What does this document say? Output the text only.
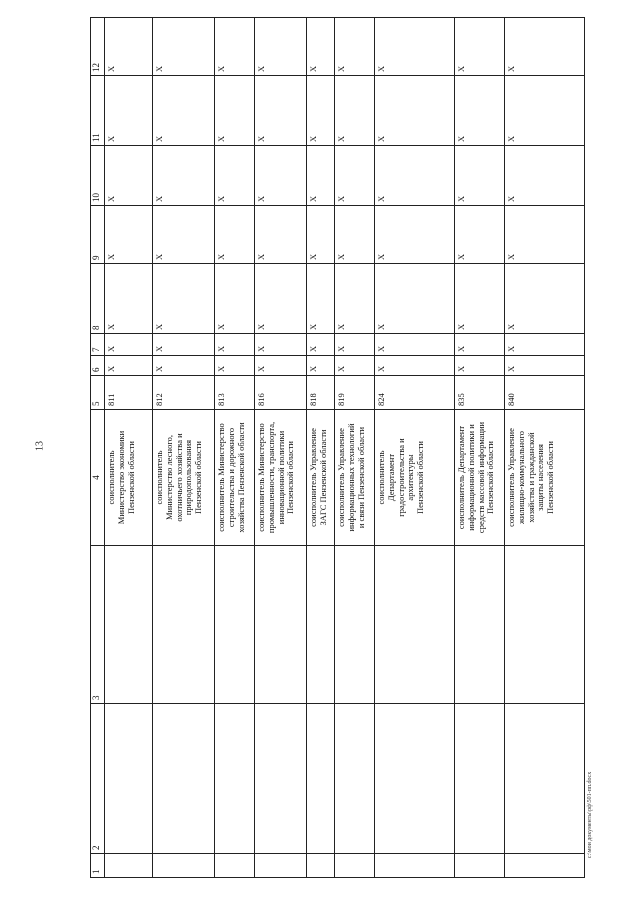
13
1	2	3	4	5	6	7	8	9	10	11	12
			соисполнитель
Министерство экономики
Пензенской области	811	X	X	X	X	X	X	X
			соисполнитель
Министерство лесного,
охотничьего хозяйства и
природопользования
Пензенской области	812	X	X	X	X	X	X	X
			соисполнитель Министерство
строительства и дорожного
хозяйства Пензенской области	813	X	X	X	X	X	X	X
			соисполнитель Министерство
промышленности, транспорта,
инновационной политики
Пензенской области	816	X	X	X	X	X	X	X
			соисполнитель Управление
ЗАГС Пензенской области	818	X	X	X	X	X	X	X
			соисполнитель Управление
информационных технологий
и связи Пензенской области	819	X	X	X	X	X	X	X
			соисполнитель
Департамент
градостроительства и
архитектуры
Пензенской области	824	X	X	X	X	X	X	X
			соисполнитель Департамент
информационной политики и
средств массовой информации
Пензенской области	835	X	X	X	X	X	X	X
			соисполнитель Управление
жилищно-коммунального
хозяйства и гражданской
защиты населения
Пензенской области	840	X	X	X	X	X	X	X
c:\мои документы\рф\501-пп.docx
